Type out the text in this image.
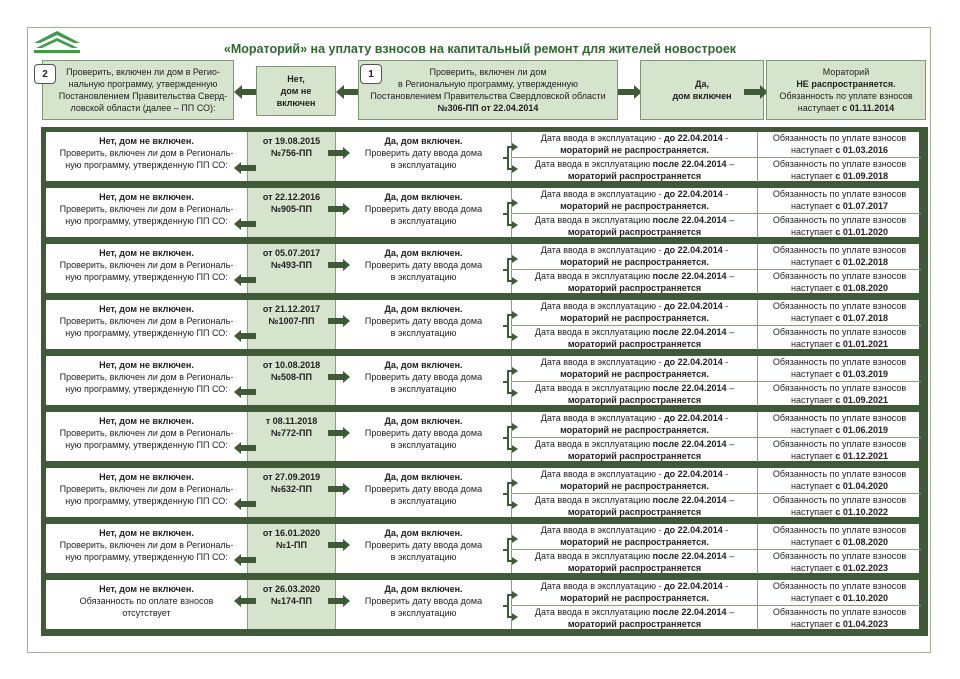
«Мораторий» на уплату взносов на капитальный ремонт для жителей новостроек
Проверить, включен ли дом в Регио-
нальную программу, утвержденную
Постановлением Правительства Сверд-
ловской области (далее – ПП СО):
2	Нет,
дом не включен
Проверить, включен ли дом
в Региональную программу, утвержденную
Постановлением Правительства Свердловской области
№306-ПП от 22.04.2014
1
Да,
дом включен
Мораторий
НЕ распространяется.
Обязанность по уплате взносов
наступает с 01.11.2014
Нет, дом не включен.
Проверить, включен ли дом в Региональ-
ную программу, утвержденную ПП СО:
от 19.08.2015
№756-ПП
Да, дом включен.
Проверить дату ввода дома
в эксплуатацию
Дата ввода в эксплуатацию - до 22.04.2014 -
мораторий не распространяется.
Обязанность по уплате взносов
наступает с 01.03.2016
Дата ввода в эксплуатацию после 22.04.2014 –
мораторий распространяется
Обязанность по уплате взносов
наступает с 01.09.2018
Нет, дом не включен.
Проверить, включен ли дом в Региональ-
ную программу, утвержденную ПП СО:
от 22.12.2016
№905-ПП
Да, дом включен.
Проверить дату ввода дома
в эксплуатацию
Дата ввода в эксплуатацию - до 22.04.2014 -
мораторий не распространяется.
Обязанность по уплате взносов
наступает с 01.07.2017
Дата ввода в эксплуатацию после 22.04.2014 –
мораторий распространяется
Обязанность по уплате взносов
наступает с 01.01.2020
Нет, дом не включен.
Проверить, включен ли дом в Региональ-
ную программу, утвержденную ПП СО:
от 05.07.2017
№493-ПП
Да, дом включен.
Проверить дату ввода дома
в эксплуатацию
Дата ввода в эксплуатацию - до 22.04.2014 -
мораторий не распространяется.
Обязанность по уплате взносов
наступает с 01.02.2018
Дата ввода в эксплуатацию после 22.04.2014 –
мораторий распространяется
Обязанность по уплате взносов
наступает с 01.08.2020
Нет, дом не включен.
Проверить, включен ли дом в Региональ-
ную программу, утвержденную ПП СО:
от 21.12.2017
№1007-ПП
Да, дом включен.
Проверить дату ввода дома
в эксплуатацию
Дата ввода в эксплуатацию - до 22.04.2014 -
мораторий не распространяется.
Обязанность по уплате взносов
наступает с 01.07.2018
Дата ввода в эксплуатацию после 22.04.2014 –
мораторий распространяется
Обязанность по уплате взносов
наступает с 01.01.2021
Нет, дом не включен.
Проверить, включен ли дом в Региональ-
ную программу, утвержденную ПП СО:
от 10.08.2018
№508-ПП
Да, дом включен.
Проверить дату ввода дома
в эксплуатацию
Дата ввода в эксплуатацию - до 22.04.2014 -
мораторий не распространяется.
Обязанность по уплате взносов
наступает с 01.03.2019
Дата ввода в эксплуатацию после 22.04.2014 –
мораторий распространяется
Обязанность по уплате взносов
наступает с 01.09.2021
Нет, дом не включен.
Проверить, включен ли дом в Региональ-
ную программу, утвержденную ПП СО:
т 08.11.2018
№772-ПП
Да, дом включен.
Проверить дату ввода дома
в эксплуатацию
Дата ввода в эксплуатацию - до 22.04.2014 -
мораторий не распространяется.
Обязанность по уплате взносов
наступает с 01.06.2019
Дата ввода в эксплуатацию после 22.04.2014 –
мораторий распространяется
Обязанность по уплате взносов
наступает с 01.12.2021
Нет, дом не включен.
Проверить, включен ли дом в Региональ-
ную программу, утвержденную ПП СО:
от 27.09.2019
№632-ПП
Да, дом включен.
Проверить дату ввода дома
в эксплуатацию
Дата ввода в эксплуатацию - до 22.04.2014 -
мораторий не распространяется.
Обязанность по уплате взносов
наступает с 01.04.2020
Дата ввода в эксплуатацию после 22.04.2014 –
мораторий распространяется
Обязанность по уплате взносов
наступает с 01.10.2022
Нет, дом не включен.
Проверить, включен ли дом в Региональ-
ную программу, утвержденную ПП СО:
от 16.01.2020
№1-ПП
Да, дом включен.
Проверить дату ввода дома
в эксплуатацию
Дата ввода в эксплуатацию - до 22.04.2014 -
мораторий не распространяется.
Обязанность по уплате взносов
наступает с 01.08.2020
Дата ввода в эксплуатацию после 22.04.2014 –
мораторий распространяется
Обязанность по уплате взносов
наступает с 01.02.2023
Нет, дом не включен.
Обязанность по оплате взносов
отсутствует
от 26.03.2020
№174-ПП
Да, дом включен.
Проверить дату ввода дома
в эксплуатацию
Дата ввода в эксплуатацию - до 22.04.2014 -
мораторий не распространяется.
Обязанность по уплате взносов
наступает с 01.10.2020
Дата ввода в эксплуатацию после 22.04.2014 –
мораторий распространяется
Обязанность по уплате взносов
наступает с 01.04.2023
